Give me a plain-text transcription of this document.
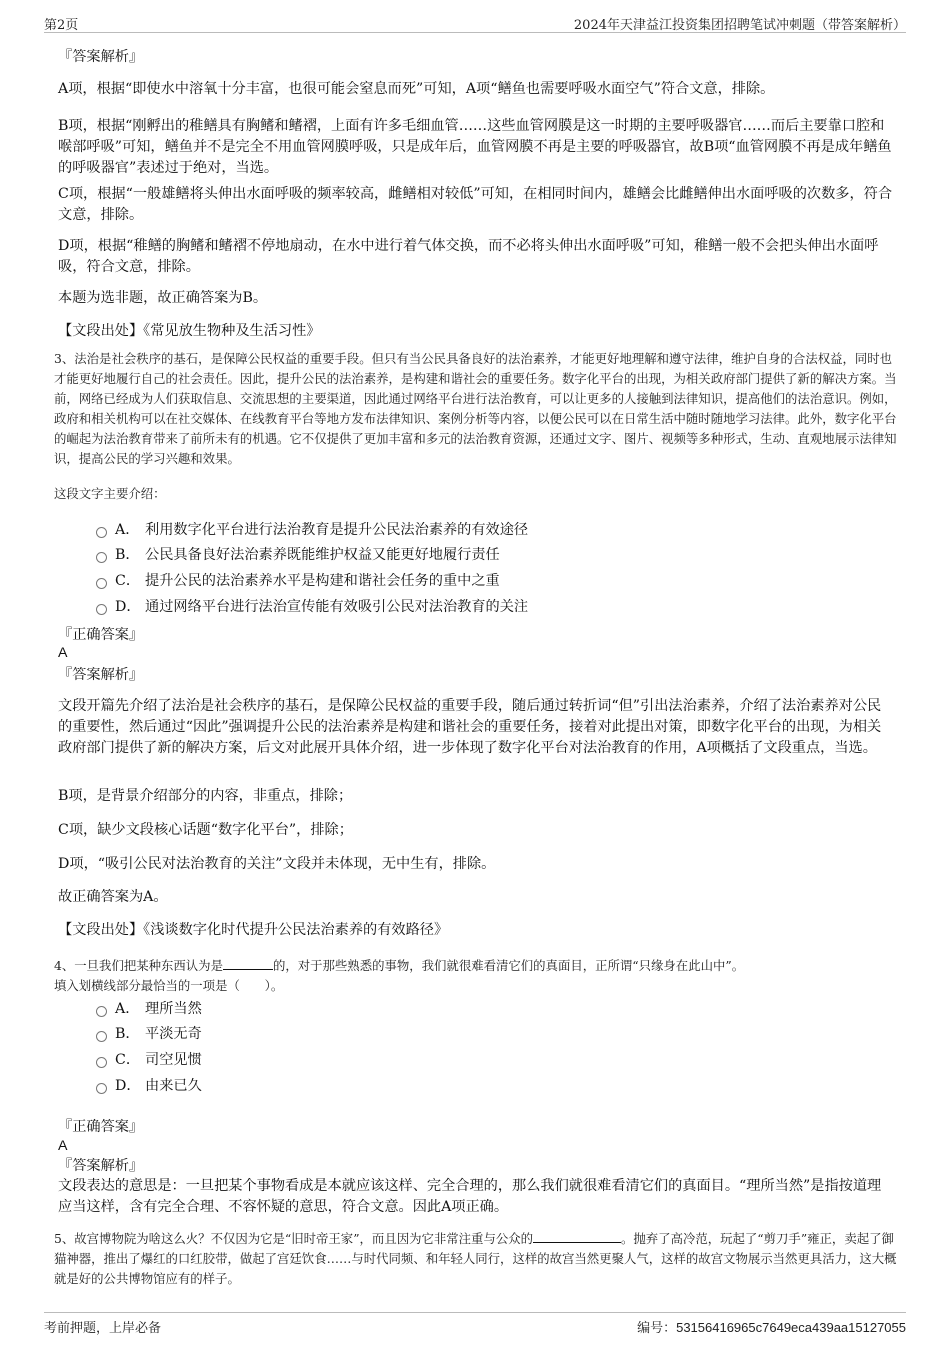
第2页	2024年天津益江投资集团招聘笔试冲刺题（带答案解析）

『答案解析』

A项，根据“即使水中溶氧十分丰富，也很可能会窒息而死”可知，A项“鳝鱼也需要呼吸水面空气”符合文意，排除。

B项，根据“刚孵出的稚鳝具有胸鳍和鳍褶，上面有许多毛细血管……这些血管网膜是这一时期的主要呼吸器官……而后主要靠口腔和喉部呼吸”可知，鳝鱼并不是完全不用血管网膜呼吸，只是成年后，血管网膜不再是主要的呼吸器官，故B项“血管网膜不再是成年鳝鱼的呼吸器官”表述过于绝对，当选。

C项，根据“一般雄鳝将头伸出水面呼吸的频率较高，雌鳝相对较低”可知，在相同时间内，雄鳝会比雌鳝伸出水面呼吸的次数多，符合文意，排除。

D项，根据“稚鳝的胸鳍和鳍褶不停地扇动，在水中进行着气体交换，而不必将头伸出水面呼吸”可知，稚鳝一般不会把头伸出水面呼吸，符合文意，排除。

本题为选非题，故正确答案为B。

【文段出处】《常见放生物种及生活习性》

3、法治是社会秩序的基石，是保障公民权益的重要手段。但只有当公民具备良好的法治素养，才能更好地理解和遵守法律，维护自身的合法权益，同时也才能更好地履行自己的社会责任。因此，提升公民的法治素养，是构建和谐社会的重要任务。数字化平台的出现，为相关政府部门提供了新的解决方案。当前，网络已经成为人们获取信息、交流思想的主要渠道，因此通过网络平台进行法治教育，可以让更多的人接触到法律知识，提高他们的法治意识。例如，政府和相关机构可以在社交媒体、在线教育平台等地方发布法律知识、案例分析等内容，以便公民可以在日常生活中随时随地学习法律。此外，数字化平台的崛起为法治教育带来了前所未有的机遇。它不仅提供了更加丰富和多元的法治教育资源，还通过文字、图片、视频等多种形式，生动、直观地展示法律知识，提高公民的学习兴趣和效果。

这段文字主要介绍：

A． 利用数字化平台进行法治教育是提升公民法治素养的有效途径
B． 公民具备良好法治素养既能维护权益又能更好地履行责任
C． 提升公民的法治素养水平是构建和谐社会任务的重中之重
D． 通过网络平台进行法治宣传能有效吸引公民对法治教育的关注

『正确答案』

A

『答案解析』

文段开篇先介绍了法治是社会秩序的基石，是保障公民权益的重要手段，随后通过转折词“但”引出法治素养，介绍了法治素养对公民的重要性，然后通过“因此”强调提升公民的法治素养是构建和谐社会的重要任务，接着对此提出对策，即数字化平台的出现，为相关政府部门提供了新的解决方案，后文对此展开具体介绍，进一步体现了数字化平台对法治教育的作用，A项概括了文段重点，当选。

B项，是背景介绍部分的内容，非重点，排除；

C项，缺少文段核心话题“数字化平台”，排除；

D项，“吸引公民对法治教育的关注”文段并未体现，无中生有，排除。

故正确答案为A。

【文段出处】《浅谈数字化时代提升公民法治素养的有效路径》

4、一旦我们把某种东西认为是	的，对于那些熟悉的事物，我们就很难看清它们的真面目，正所谓“只缘身在此山中”。

填入划横线部分最恰当的一项是（　　）。

A． 理所当然
B． 平淡无奇
C． 司空见惯
D． 由来已久

『正确答案』

A

『答案解析』

文段表达的意思是：一旦把某个事物看成是本就应该这样、完全合理的，那么我们就很难看清它们的真面目。“理所当然”是指按道理应当这样，含有完全合理、不容怀疑的意思，符合文意。因此A项正确。

5、故宫博物院为啥这么火？不仅因为它是“旧时帝王家”，而且因为它非常注重与公众的	。抛弃了高冷范，玩起了“剪刀手”雍正，卖起了御猫神器，推出了爆红的口红胶带，做起了宫廷饮食……与时代同频、和年轻人同行，这样的故宫当然更聚人气，这样的故宫文物展示当然更具活力，这大概就是好的公共博物馆应有的样子。

考前押题，上岸必备	编号：53156416965c7649eca439aa15127055
